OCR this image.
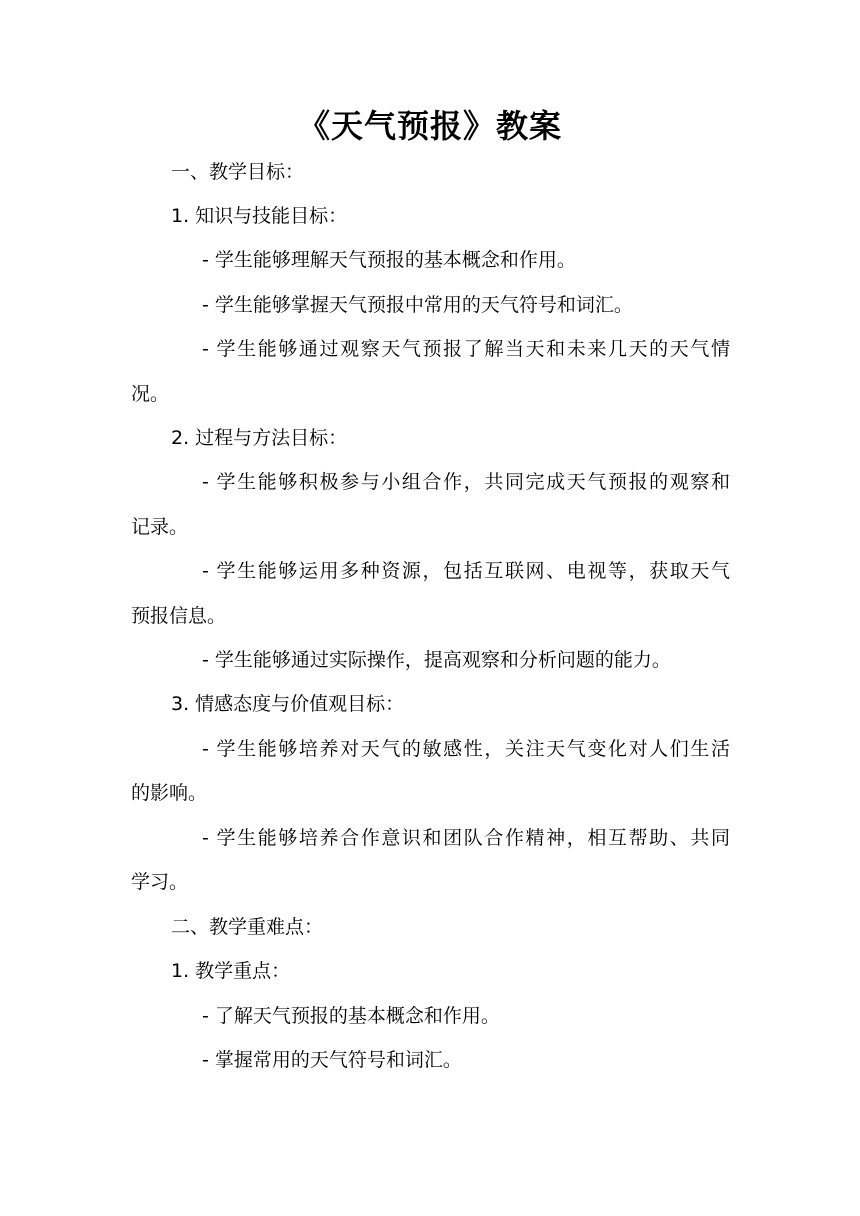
《天气预报》教案

一、教学目标：

1. 知识与技能目标：

- 学生能够理解天气预报的基本概念和作用。

- 学生能够掌握天气预报中常用的天气符号和词汇。

- 学生能够通过观察天气预报了解当天和未来几天的天气情

况。

2. 过程与方法目标：

- 学生能够积极参与小组合作，共同完成天气预报的观察和

记录。

- 学生能够运用多种资源，包括互联网、电视等，获取天气

预报信息。

- 学生能够通过实际操作，提高观察和分析问题的能力。

3. 情感态度与价值观目标：

- 学生能够培养对天气的敏感性，关注天气变化对人们生活

的影响。

- 学生能够培养合作意识和团队合作精神，相互帮助、共同

学习。

二、教学重难点：

1. 教学重点：

- 了解天气预报的基本概念和作用。

- 掌握常用的天气符号和词汇。
